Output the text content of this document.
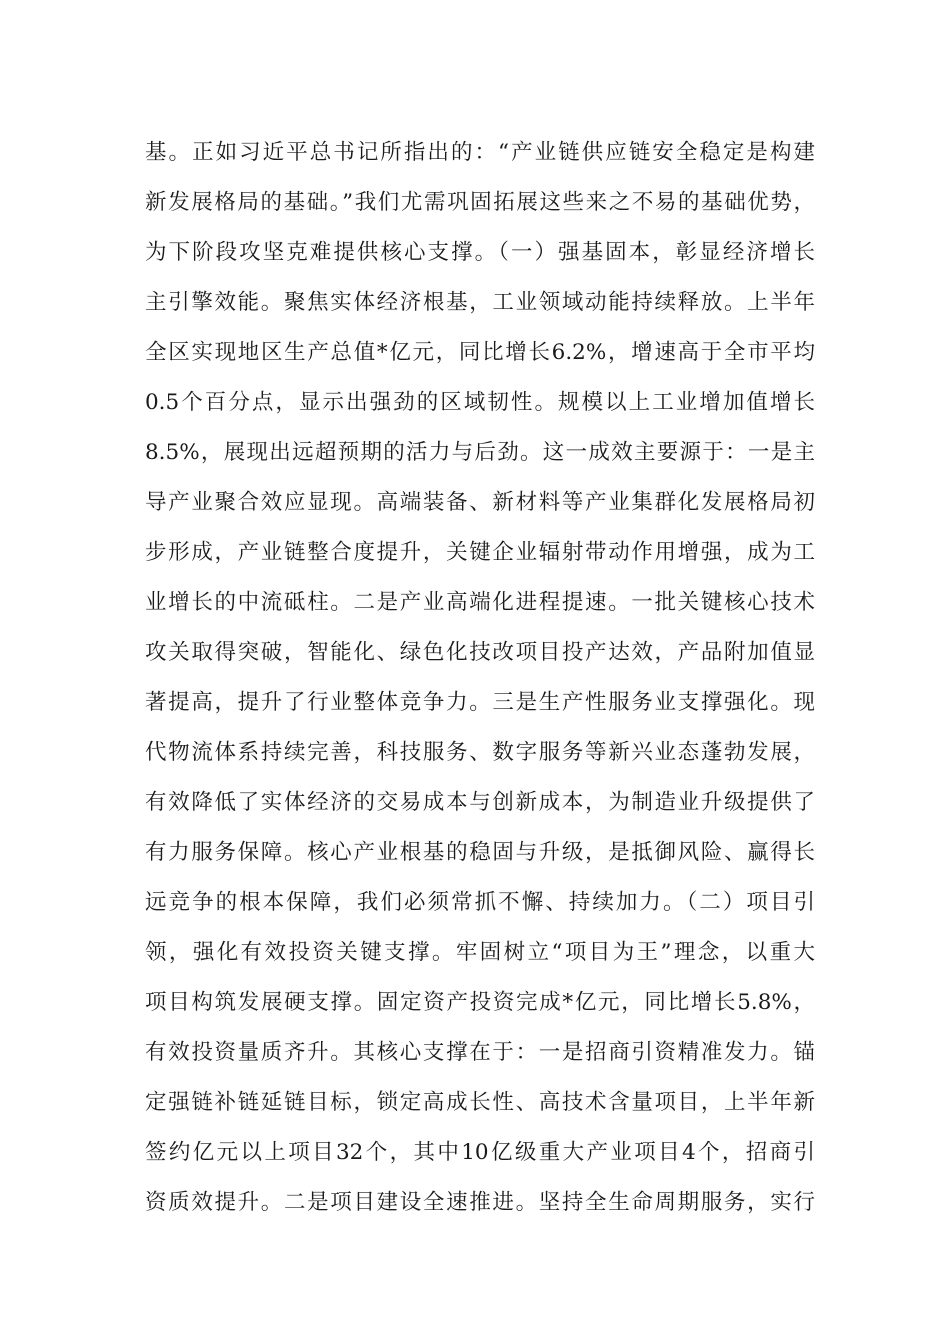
基。正如习近平总书记所指出的：“产业链供应链安全稳定是构建
新发展格局的基础。”我们尤需巩固拓展这些来之不易的基础优势，
为下阶段攻坚克难提供核心支撑。（一）强基固本，彰显经济增长
主引擎效能。聚焦实体经济根基，工业领域动能持续释放。上半年
全区实现地区生产总值*亿元，同比增长6.2%，增速高于全市平均
0.5个百分点，显示出强劲的区域韧性。规模以上工业增加值增长
8.5%，展现出远超预期的活力与后劲。这一成效主要源于：一是主
导产业聚合效应显现。高端装备、新材料等产业集群化发展格局初
步形成，产业链整合度提升，关键企业辐射带动作用增强，成为工
业增长的中流砥柱。二是产业高端化进程提速。一批关键核心技术
攻关取得突破，智能化、绿色化技改项目投产达效，产品附加值显
著提高，提升了行业整体竞争力。三是生产性服务业支撑强化。现
代物流体系持续完善，科技服务、数字服务等新兴业态蓬勃发展，
有效降低了实体经济的交易成本与创新成本，为制造业升级提供了
有力服务保障。核心产业根基的稳固与升级，是抵御风险、赢得长
远竞争的根本保障，我们必须常抓不懈、持续加力。（二）项目引
领，强化有效投资关键支撑。牢固树立“项目为王”理念，以重大
项目构筑发展硬支撑。固定资产投资完成*亿元，同比增长5.8%，
有效投资量质齐升。其核心支撑在于：一是招商引资精准发力。锚
定强链补链延链目标，锁定高成长性、高技术含量项目，上半年新
签约亿元以上项目32个，其中10亿级重大产业项目4个，招商引
资质效提升。二是项目建设全速推进。坚持全生命周期服务，实行
